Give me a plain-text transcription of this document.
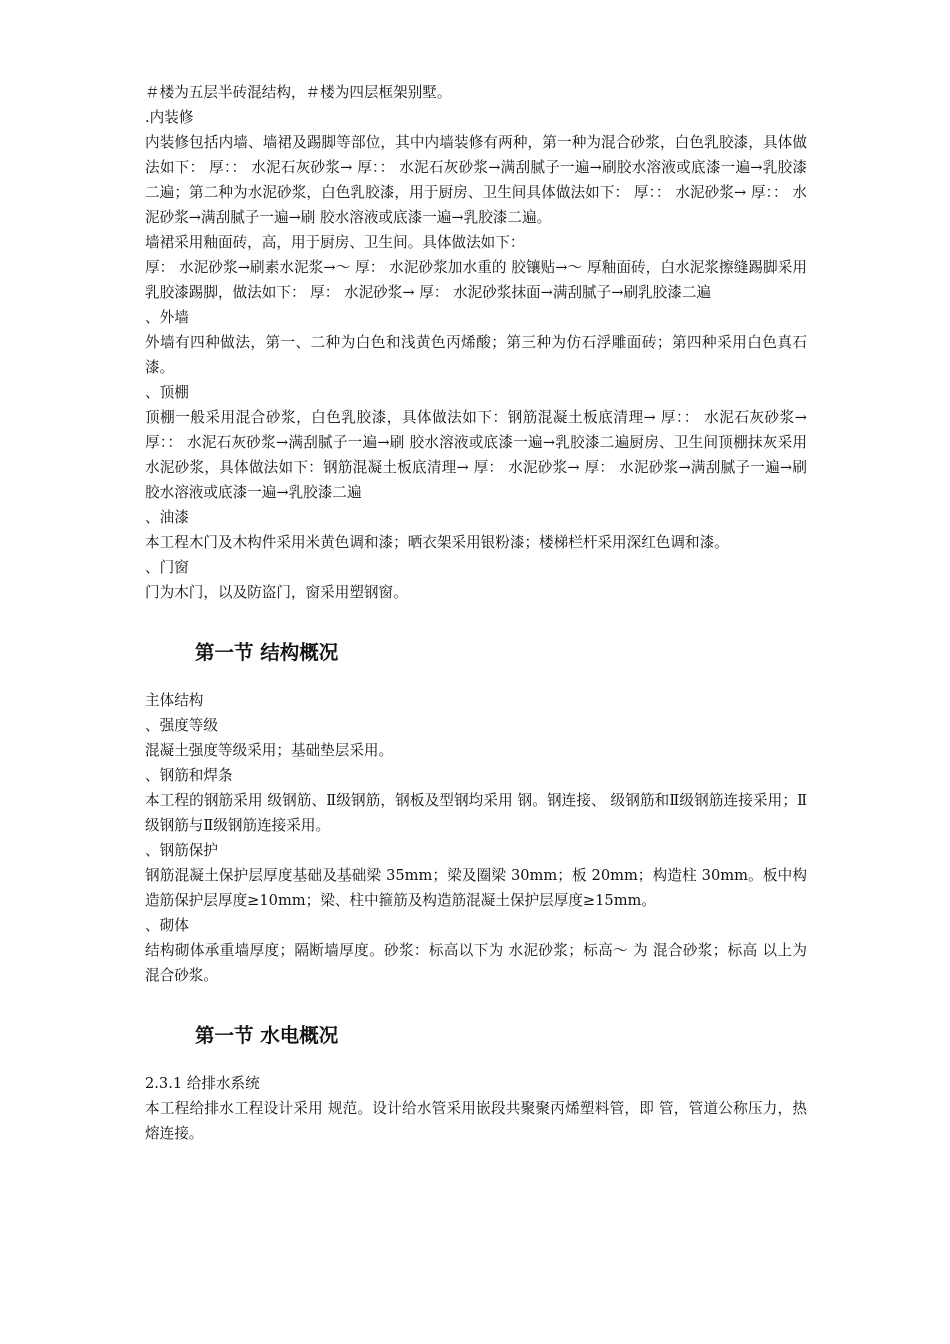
＃楼为五层半砖混结构，＃楼为四层框架别墅。

.内装修

内装修包括内墙、墙裙及踢脚等部位，其中内墙装修有两种，第一种为混合砂浆，白色乳胶漆，具体做法如下： 厚：： 水泥石灰砂浆→ 厚：： 水泥石灰砂浆→满刮腻子一遍→刷胶水溶液或底漆一遍→乳胶漆二遍；第二种为水泥砂浆，白色乳胶漆，用于厨房、卫生间具体做法如下： 厚：： 水泥砂浆→ 厚：： 水泥砂浆→满刮腻子一遍→刷 胶水溶液或底漆一遍→乳胶漆二遍。

墙裙采用釉面砖，高，用于厨房、卫生间。具体做法如下：

厚： 水泥砂浆→刷素水泥浆→～ 厚： 水泥砂浆加水重的 胶镶贴→～ 厚釉面砖，白水泥浆擦缝踢脚采用乳胶漆踢脚，做法如下： 厚： 水泥砂浆→ 厚： 水泥砂浆抹面→满刮腻子→刷乳胶漆二遍

、外墙

外墙有四种做法，第一、二种为白色和浅黄色丙烯酸；第三种为仿石浮雕面砖；第四种采用白色真石漆。

、顶棚

顶棚一般采用混合砂浆，白色乳胶漆，具体做法如下：钢筋混凝土板底清理→ 厚：： 水泥石灰砂浆→ 厚：： 水泥石灰砂浆→满刮腻子一遍→刷 胶水溶液或底漆一遍→乳胶漆二遍厨房、卫生间顶棚抹灰采用水泥砂浆，具体做法如下：钢筋混凝土板底清理→ 厚： 水泥砂浆→ 厚： 水泥砂浆→满刮腻子一遍→刷 胶水溶液或底漆一遍→乳胶漆二遍

、油漆

本工程木门及木构件采用米黄色调和漆；晒衣架采用银粉漆；楼梯栏杆采用深红色调和漆。

、门窗

门为木门，以及防盗门，窗采用塑钢窗。

第一节 结构概况

主体结构

、强度等级

混凝土强度等级采用；基础垫层采用。

、钢筋和焊条

本工程的钢筋采用 级钢筋、Ⅱ级钢筋，钢板及型钢均采用 钢。钢连接、 级钢筋和Ⅱ级钢筋连接采用；Ⅱ级钢筋与Ⅱ级钢筋连接采用。

、钢筋保护

钢筋混凝土保护层厚度基础及基础梁 35mm；梁及圈梁 30mm；板 20mm；构造柱 30mm。板中构造筋保护层厚度≥10mm；梁、柱中箍筋及构造筋混凝土保护层厚度≥15mm。

、砌体

结构砌体承重墙厚度；隔断墙厚度。砂浆：标高以下为 水泥砂浆；标高～ 为 混合砂浆；标高 以上为 混合砂浆。

第一节 水电概况

2.3.1 给排水系统

本工程给排水工程设计采用 规范。设计给水管采用嵌段共聚聚丙烯塑料管，即 管，管道公称压力，热熔连接。
